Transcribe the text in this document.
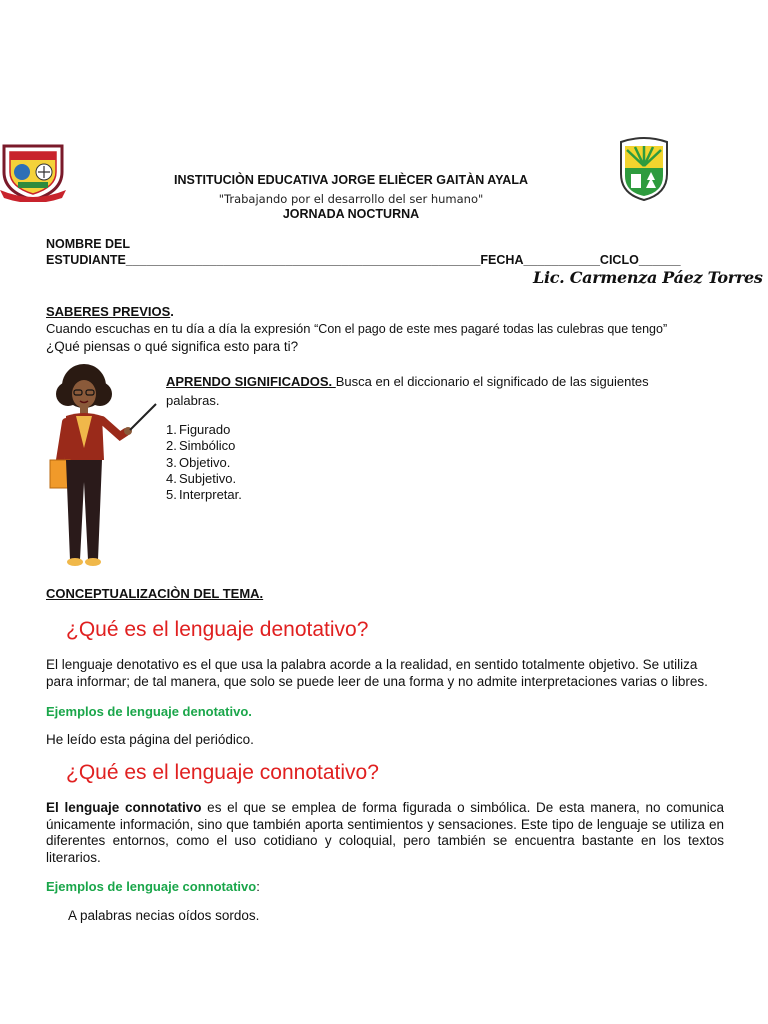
INSTITUCIÒN EDUCATIVA JORGE ELIÈCER GAITÀN AYALA
"Trabajando por el desarrollo del ser humano"
JORNADA NOCTURNA
NOMBRE DEL
ESTUDIANTE___________________________________________________FECHA___________CICLO______
Lic. Carmenza Páez Torres
SABERES PREVIOS.
Cuando escuchas en tu día a día la expresión “Con el pago de este mes pagaré todas las culebras que tengo”
¿Qué piensas o qué significa esto para ti?
APRENDO SIGNIFICADOS. Busca en el diccionario el significado de las siguientes palabras.
1. Figurado
2. Simbólico
3. Objetivo.
4. Subjetivo.
5. Interpretar.
CONCEPTUALIZACIÒN DEL TEMA.
¿Qué es el lenguaje denotativo?
El lenguaje denotativo es el que usa la palabra acorde a la realidad, en sentido totalmente objetivo. Se utiliza para informar; de tal manera, que solo se puede leer de una forma y no admite interpretaciones varias o libres.
Ejemplos de lenguaje denotativo.
He leído esta página del periódico.
¿Qué es el lenguaje connotativo?
El lenguaje connotativo es el que se emplea de forma figurada o simbólica. De esta manera, no comunica únicamente información, sino que también aporta sentimientos y sensaciones. Este tipo de lenguaje se utiliza en diferentes entornos, como el uso cotidiano y coloquial, pero también se encuentra bastante en los textos literarios.
Ejemplos de lenguaje connotativo:
A palabras necias oídos sordos.
